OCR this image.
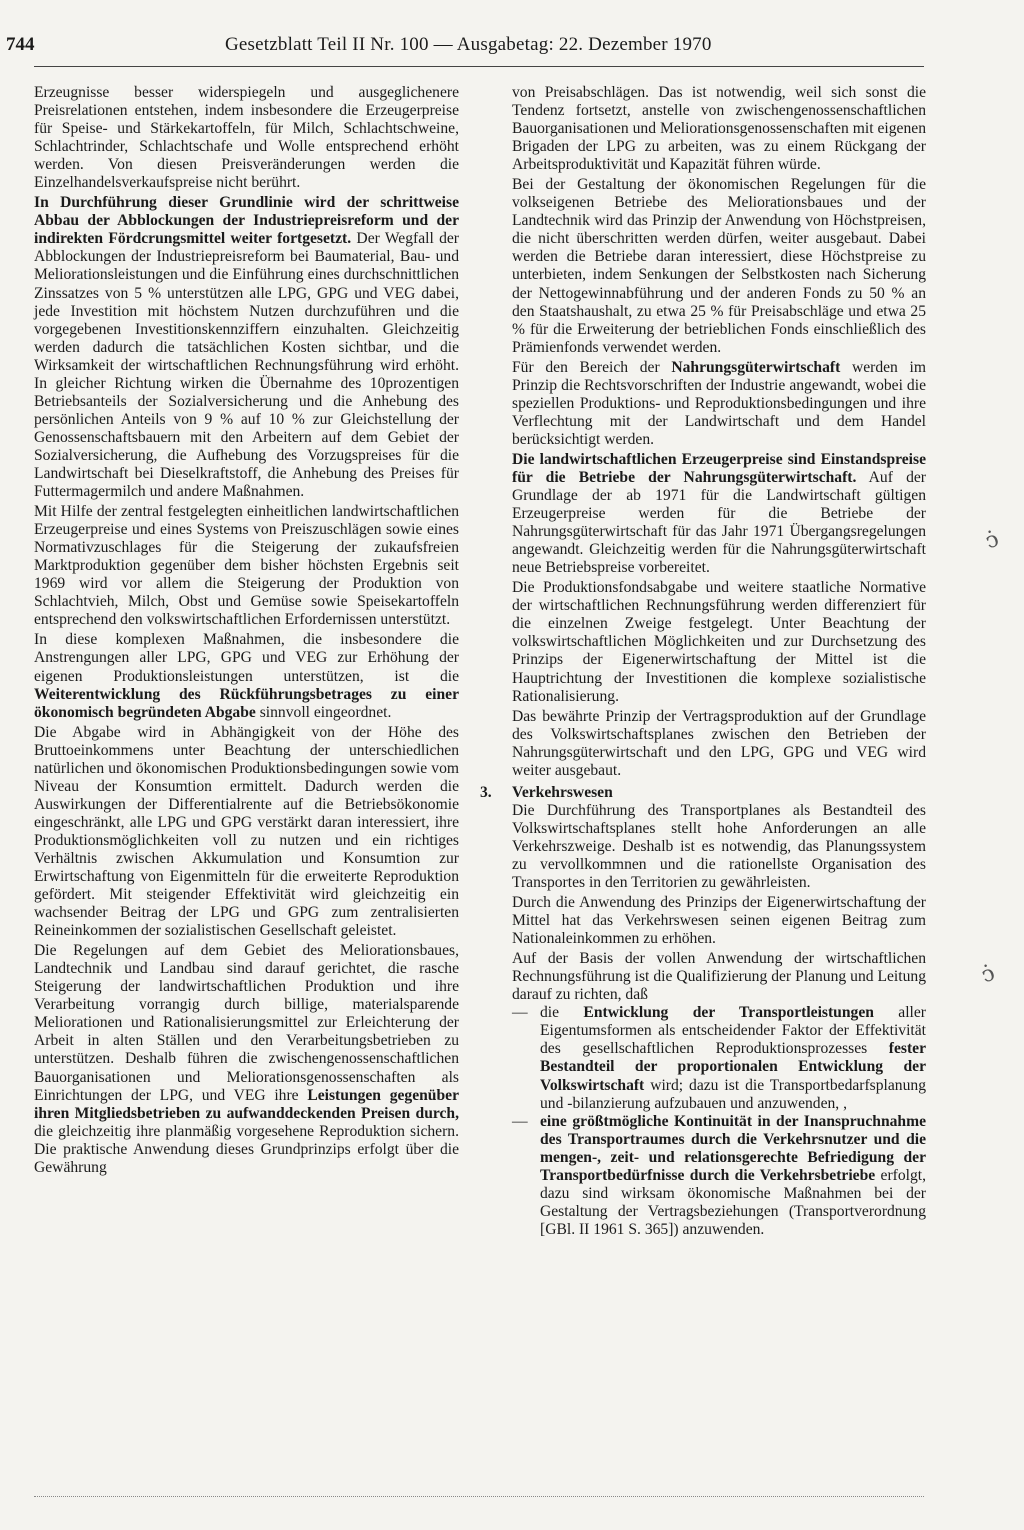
744	Gesetzblatt Teil II Nr. 100 — Ausgabetag: 22. Dezember 1970

Erzeugnisse besser widerspiegeln und ausgeglichenere Preisrelationen entstehen, indem insbesondere die Erzeugerpreise für Speise- und Stärkekartoffeln, für Milch, Schlachtschweine, Schlachtrinder, Schlachtschafe und Wolle entsprechend erhöht werden. Von diesen Preisveränderungen werden die Einzelhandelsverkaufspreise nicht berührt.

In Durchführung dieser Grundlinie wird der schrittweise Abbau der Abblockungen der Industriepreisreform und der indirekten Fördcrungsmittel weiter fortgesetzt. Der Wegfall der Abblockungen der Industriepreisreform bei Baumaterial, Bau- und Meliorationsleistungen und die Einführung eines durchschnittlichen Zinssatzes von 5 % unterstützen alle LPG, GPG und VEG dabei, jede Investition mit höchstem Nutzen durchzuführen und die vorgegebenen Investitionskennziffern einzuhalten. Gleichzeitig werden dadurch die tatsächlichen Kosten sichtbar, und die Wirksamkeit der wirtschaftlichen Rechnungsführung wird erhöht. In gleicher Richtung wirken die Übernahme des 10prozentigen Betriebsanteils der Sozialversicherung und die Anhebung des persönlichen Anteils von 9 % auf 10 % zur Gleichstellung der Genossenschaftsbauern mit den Arbeitern auf dem Gebiet der Sozialversicherung, die Aufhebung des Vorzugspreises für die Landwirtschaft bei Dieselkraftstoff, die Anhebung des Preises für Futtermagermilch und andere Maßnahmen.

Mit Hilfe der zentral festgelegten einheitlichen landwirtschaftlichen Erzeugerpreise und eines Systems von Preiszuschlägen sowie eines Normativzuschlages für die Steigerung der zukaufsfreien Marktproduktion gegenüber dem bisher höchsten Ergebnis seit 1969 wird vor allem die Steigerung der Produktion von Schlachtvieh, Milch, Obst und Gemüse sowie Speisekartoffeln entsprechend den volkswirtschaftlichen Erfordernissen unterstützt.

In diese komplexen Maßnahmen, die insbesondere die Anstrengungen aller LPG, GPG und VEG zur Erhöhung der eigenen Produktionsleistungen unterstützen, ist die Weiterentwicklung des Rückführungsbetrages zu einer ökonomisch begründeten Abgabe sinnvoll eingeordnet.

Die Abgabe wird in Abhängigkeit von der Höhe des Bruttoeinkommens unter Beachtung der unterschiedlichen natürlichen und ökonomischen Produktionsbedingungen sowie vom Niveau der Konsumtion ermittelt. Dadurch werden die Auswirkungen der Differentialrente auf die Betriebsökonomie eingeschränkt, alle LPG und GPG verstärkt daran interessiert, ihre Produktionsmöglichkeiten voll zu nutzen und ein richtiges Verhältnis zwischen Akkumulation und Konsumtion zur Erwirtschaftung von Eigenmitteln für die erweiterte Reproduktion gefördert. Mit steigender Effektivität wird gleichzeitig ein wachsender Beitrag der LPG und GPG zum zentralisierten Reineinkommen der sozialistischen Gesellschaft geleistet.

Die Regelungen auf dem Gebiet des Meliorationsbaues, Landtechnik und Landbau sind darauf gerichtet, die rasche Steigerung der landwirtschaftlichen Produktion und ihre Verarbeitung vorrangig durch billige, materialsparende Meliorationen und Rationalisierungsmittel zur Erleichterung der Arbeit in alten Ställen und den Verarbeitungsbetrieben zu unterstützen. Deshalb führen die zwischengenossenschaftlichen Bauorganisationen und Meliorationsgenossenschaften als Einrichtungen der LPG, und VEG ihre Leistungen gegenüber ihren Mitgliedsbetrieben zu aufwanddeckenden Preisen durch, die gleichzeitig ihre planmäßig vorgesehene Reproduktion sichern. Die praktische Anwendung dieses Grundprinzips erfolgt über die Gewährung

von Preisabschlägen. Das ist notwendig, weil sich sonst die Tendenz fortsetzt, anstelle von zwischengenossenschaftlichen Bauorganisationen und Meliorationsgenossenschaften mit eigenen Brigaden der LPG zu arbeiten, was zu einem Rückgang der Arbeitsproduktivität und Kapazität führen würde.

Bei der Gestaltung der ökonomischen Regelungen für die volkseigenen Betriebe des Meliorationsbaues und der Landtechnik wird das Prinzip der Anwendung von Höchstpreisen, die nicht überschritten werden dürfen, weiter ausgebaut. Dabei werden die Betriebe daran interessiert, diese Höchstpreise zu unterbieten, indem Senkungen der Selbstkosten nach Sicherung der Nettogewinnabführung und der anderen Fonds zu 50 % an den Staatshaushalt, zu etwa 25 % für Preisabschläge und etwa 25 % für die Erweiterung der betrieblichen Fonds einschließlich des Prämienfonds verwendet werden.

Für den Bereich der Nahrungsgüterwirtschaft werden im Prinzip die Rechtsvorschriften der Industrie angewandt, wobei die speziellen Produktions- und Reproduktionsbedingungen und ihre Verflechtung mit der Landwirtschaft und dem Handel berücksichtigt werden.

Die landwirtschaftlichen Erzeugerpreise sind Einstandspreise für die Betriebe der Nahrungsgüterwirtschaft. Auf der Grundlage der ab 1971 für die Landwirtschaft gültigen Erzeugerpreise werden für die Betriebe der Nahrungsgüterwirtschaft für das Jahr 1971 Übergangsregelungen angewandt. Gleichzeitig werden für die Nahrungsgüterwirtschaft neue Betriebspreise vorbereitet.

Die Produktionsfondsabgabe und weitere staatliche Normative der wirtschaftlichen Rechnungsführung werden differenziert für die einzelnen Zweige festgelegt. Unter Beachtung der volkswirtschaftlichen Möglichkeiten und zur Durchsetzung des Prinzips der Eigenerwirtschaftung der Mittel ist die Hauptrichtung der Investitionen die komplexe sozialistische Rationalisierung.

Das bewährte Prinzip der Vertragsproduktion auf der Grundlage des Volkswirtschaftsplanes zwischen den Betrieben der Nahrungsgüterwirtschaft und den LPG, GPG und VEG wird weiter ausgebaut.

3. Verkehrswesen

Die Durchführung des Transportplanes als Bestandteil des Volkswirtschaftsplanes stellt hohe Anforderungen an alle Verkehrszweige. Deshalb ist es notwendig, das Planungssystem zu vervollkommnen und die rationellste Organisation des Transportes in den Territorien zu gewährleisten.

Durch die Anwendung des Prinzips der Eigenerwirtschaftung der Mittel hat das Verkehrswesen seinen eigenen Beitrag zum Nationaleinkommen zu erhöhen.

Auf der Basis der vollen Anwendung der wirtschaftlichen Rechnungsführung ist die Qualifizierung der Planung und Leitung darauf zu richten, daß

— die Entwicklung der Transportleistungen aller Eigentumsformen als entscheidender Faktor der Effektivität des gesellschaftlichen Reproduktionsprozesses fester Bestandteil der proportionalen Entwicklung der Volkswirtschaft wird; dazu ist die Transportbedarfsplanung und -bilanzierung aufzubauen und anzuwenden, ,
— eine größtmögliche Kontinuität in der Inanspruchnahme des Transportraumes durch die Verkehrsnutzer und die mengen-, zeit- und relationsgerechte Befriedigung der Transportbedürfnisse durch die Verkehrsbetriebe erfolgt, dazu sind wirksam ökonomische Maßnahmen bei der Gestaltung der Vertragsbeziehungen (Transportverordnung [GBl. II 1961 S. 365]) anzuwenden.
ↄ̇
ↄ̇
